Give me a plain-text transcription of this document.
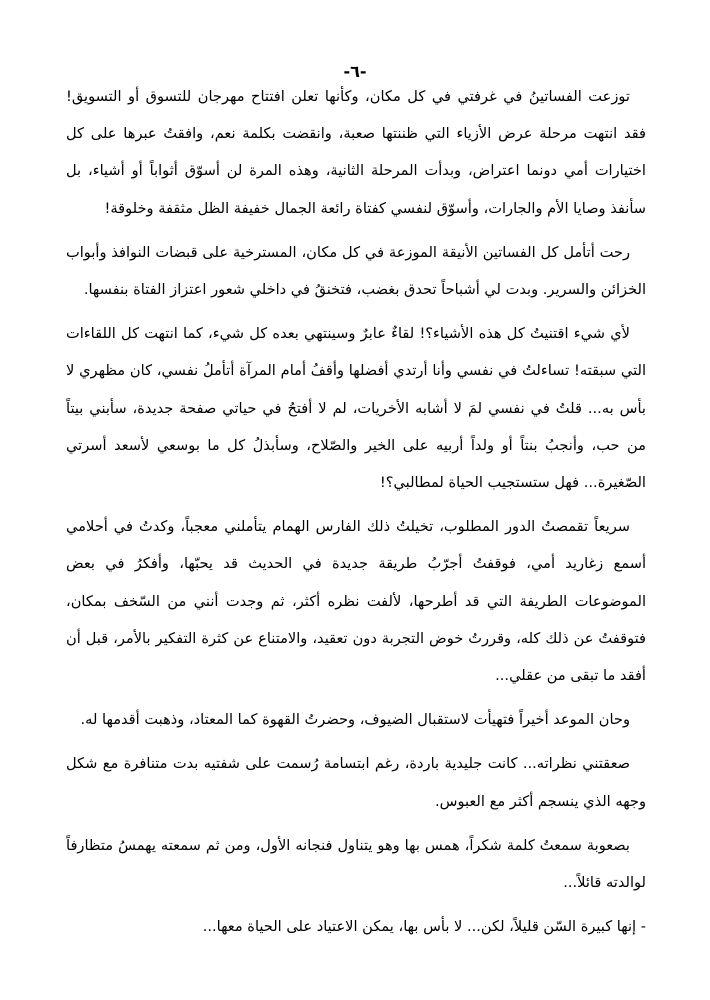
-٦-

توزعت الفساتينُ في غرفتي في كل مكان، وكأنها تعلن افتتاح مهرجان للتسوق أو التسويق! فقد انتهت مرحلة عرض الأزياء التي ظننتها صعبة، وانقضت بكلمة نعم، وافقتُ عبرها على كل اختيارات أمي دونما اعتراض، وبدأت المرحلة الثانية، وهذه المرة لن أسوّق أثواباً أو أشياء، بل سأنفذ وصايا الأم والجارات، وأسوّق لنفسي كفتاة رائعة الجمال خفيفة الظل مثقفة وخلوقة!

رحت أتأمل كل الفساتين الأنيقة الموزعة في كل مكان، المسترخية على قبضات النوافذ وأبواب الخزائن والسرير. وبدت لي أشباحاً تحدق بغضب، فتخنقُ في داخلي شعور اعتزاز الفتاة بنفسها.

لأي شيء اقتنيتُ كل هذه الأشياء؟! لقاءٌ عابرٌ وسينتهي بعده كل شيء، كما انتهت كل اللقاءات التي سبقته! تساءلتُ في نفسي وأنا أرتدي أفضلها وأقفُ أمام المرآة أتأملُ نفسي، كان مظهري لا بأس به... قلتُ في نفسي لمَ لا أشابه الأخريات، لم لا أفتحُ في حياتي صفحة جديدة، سأبني بيتاً من حب، وأنجبُ بنتاً أو ولداً أربيه على الخير والصّلاح، وسأبذلُ كل ما بوسعي لأسعد أسرتي الصّغيرة... فهل ستستجيب الحياة لمطالبي؟!

سريعاً تقمصتُ الدور المطلوب، تخيلتُ ذلك الفارس الهمام يتأملني معجباً، وكدتُ في أحلامي أسمع زغاريد أمي، فوقفتُ أجرّبُ طريقة جديدة في الحديث قد يحبّها، وأفكرُ في بعض الموضوعات الطريفة التي قد أطرحها، لألفت نظره أكثر، ثم وجدت أنني من السّخف بمكان، فتوقفتُ عن ذلك كله، وقررتُ خوض التجربة دون تعقيد، والامتناع عن كثرة التفكير بالأمر، قبل أن أفقد ما تبقى من عقلي...

وحان الموعد أخيراً فتهيأت لاستقبال الضيوف، وحضرتُ القهوة كما المعتاد، وذهبت أقدمها له.

صعقتني نظراته... كانت جليدية باردة، رغم ابتسامة رُسمت على شفتيه بدت متنافرة مع شكل وجهه الذي ينسجم أكثر مع العبوس.

بصعوبة سمعتُ كلمة شكراً، همس بها وهو يتناول فنجانه الأول، ومن ثم سمعته يهمسُ متظارفاً لوالدته قائلاً...

- إنها كبيرة السّن قليلاً، لكن... لا بأس بها، يمكن الاعتياد على الحياة معها...
